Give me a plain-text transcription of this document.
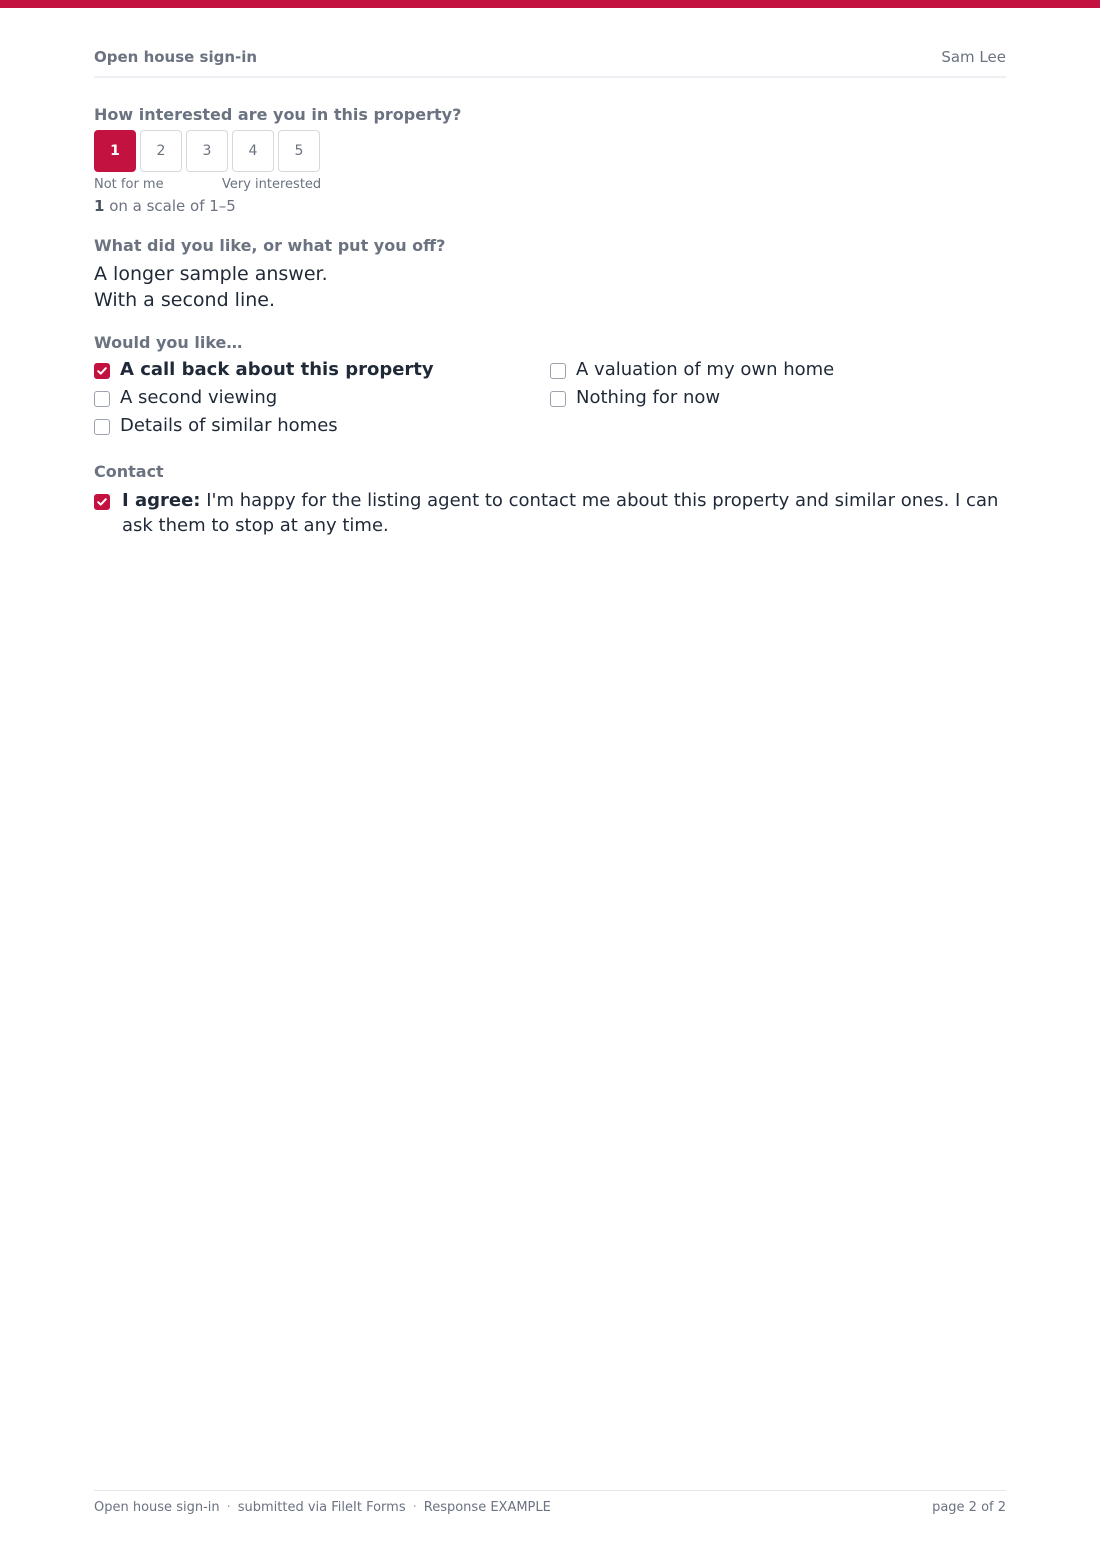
Open house sign-in	Sam Lee
How interested are you in this property?
1	2	3	4	5
Not for me	Very interested
1 on a scale of 1–5
What did you like, or what put you off?
A longer sample answer.
With a second line.
Would you like…
A call back about this property
A second viewing
Details of similar homes
A valuation of my own home
Nothing for now
Contact
I agree: I'm happy for the listing agent to contact me about this property and similar ones. I can ask them to stop at any time.
Open house sign-in · submitted via FileIt Forms · Response EXAMPLE	page 2 of 2
